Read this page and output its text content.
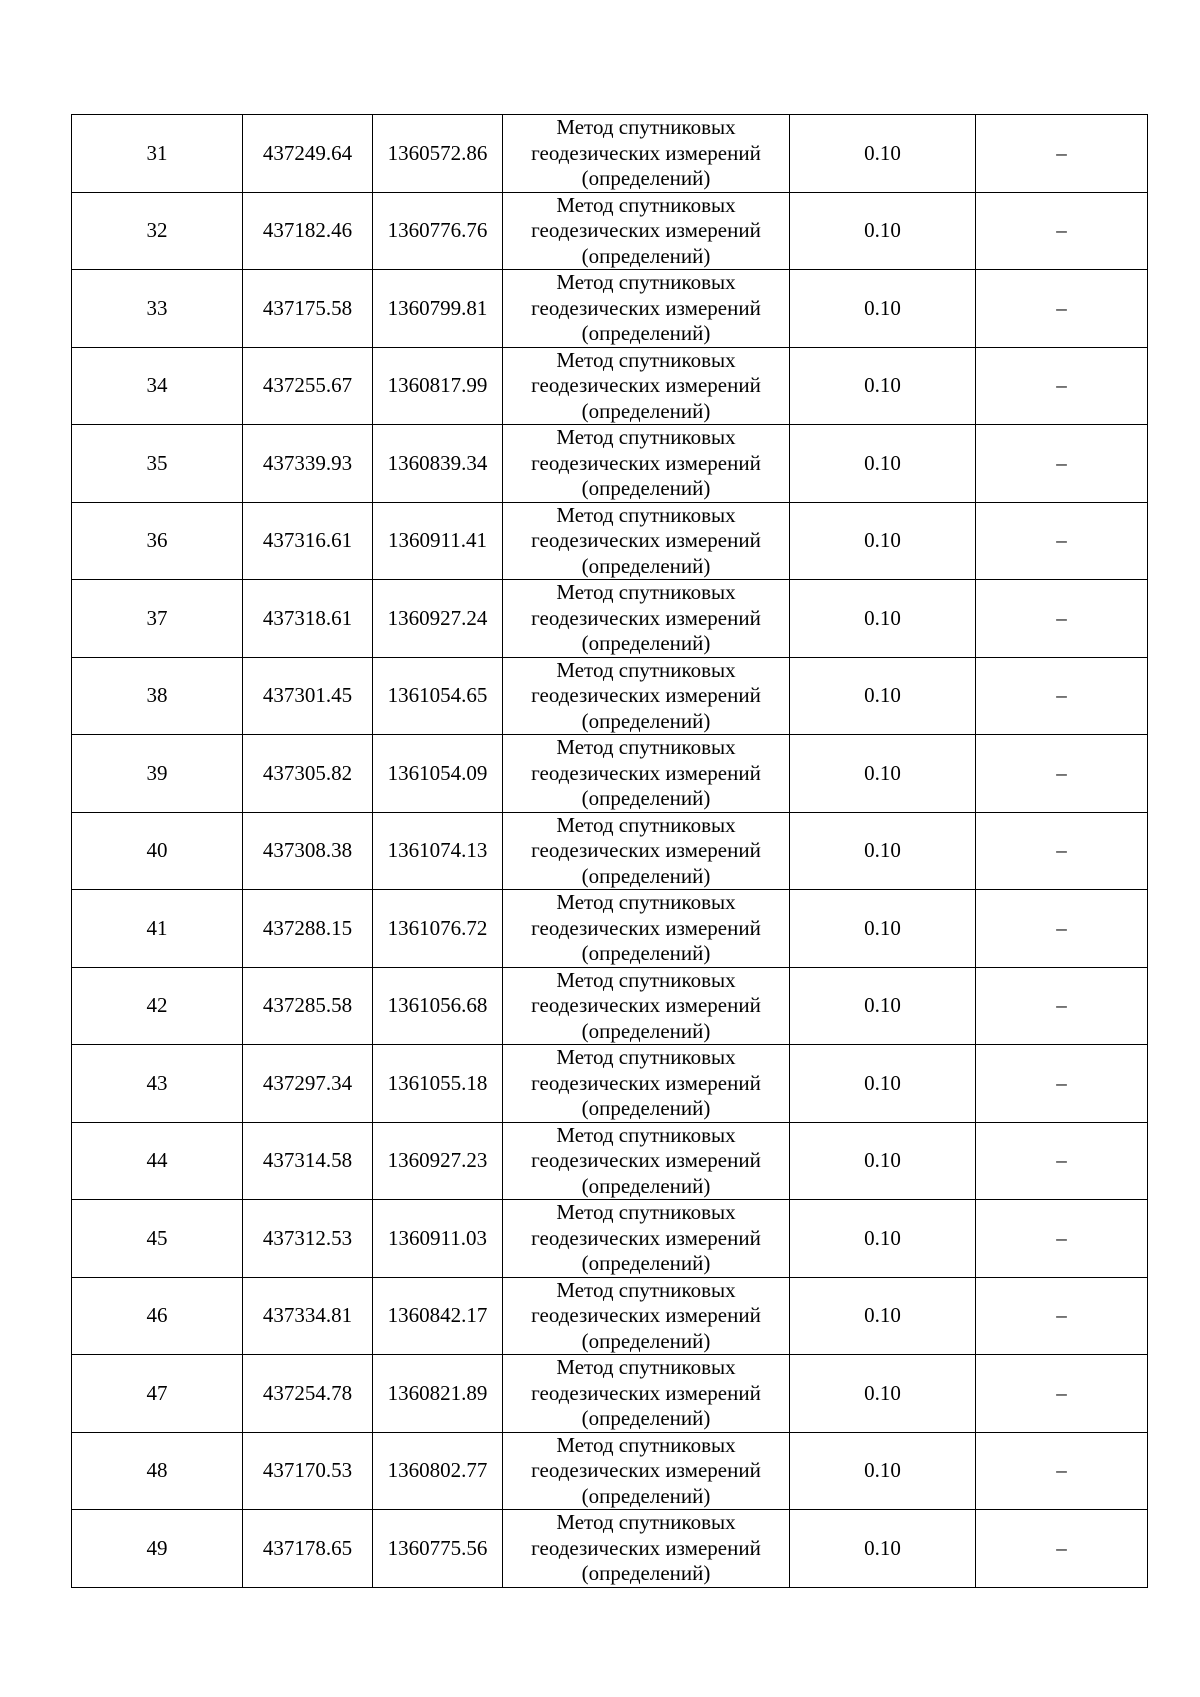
31	437249.64	1360572.86	Метод спутниковых
геодезических измерений
(определений)	0.10	–
32	437182.46	1360776.76	Метод спутниковых
геодезических измерений
(определений)	0.10	–
33	437175.58	1360799.81	Метод спутниковых
геодезических измерений
(определений)	0.10	–
34	437255.67	1360817.99	Метод спутниковых
геодезических измерений
(определений)	0.10	–
35	437339.93	1360839.34	Метод спутниковых
геодезических измерений
(определений)	0.10	–
36	437316.61	1360911.41	Метод спутниковых
геодезических измерений
(определений)	0.10	–
37	437318.61	1360927.24	Метод спутниковых
геодезических измерений
(определений)	0.10	–
38	437301.45	1361054.65	Метод спутниковых
геодезических измерений
(определений)	0.10	–
39	437305.82	1361054.09	Метод спутниковых
геодезических измерений
(определений)	0.10	–
40	437308.38	1361074.13	Метод спутниковых
геодезических измерений
(определений)	0.10	–
41	437288.15	1361076.72	Метод спутниковых
геодезических измерений
(определений)	0.10	–
42	437285.58	1361056.68	Метод спутниковых
геодезических измерений
(определений)	0.10	–
43	437297.34	1361055.18	Метод спутниковых
геодезических измерений
(определений)	0.10	–
44	437314.58	1360927.23	Метод спутниковых
геодезических измерений
(определений)	0.10	–
45	437312.53	1360911.03	Метод спутниковых
геодезических измерений
(определений)	0.10	–
46	437334.81	1360842.17	Метод спутниковых
геодезических измерений
(определений)	0.10	–
47	437254.78	1360821.89	Метод спутниковых
геодезических измерений
(определений)	0.10	–
48	437170.53	1360802.77	Метод спутниковых
геодезических измерений
(определений)	0.10	–
49	437178.65	1360775.56	Метод спутниковых
геодезических измерений
(определений)	0.10	–
